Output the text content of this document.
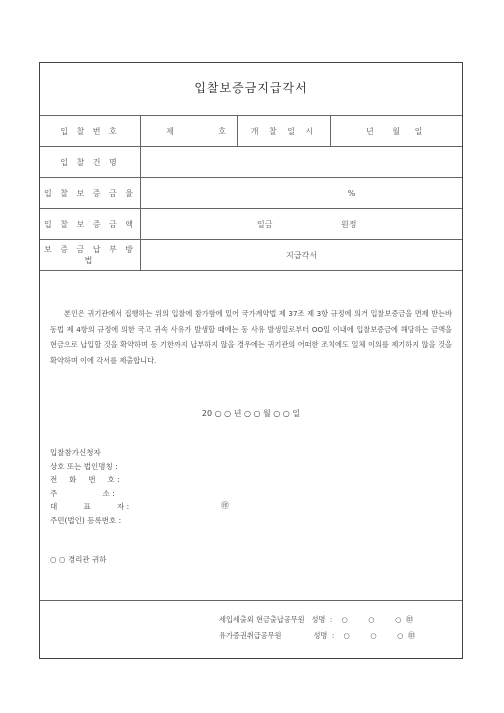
입찰보증금지급각서
입 찰 번 호	제 호	개 찰 일 시	년 월 일
입 찰 건 명			
입 찰 보 증 금 율	%		
입 찰 보 증 금 액	일금 원정		
보 증 금 납 부 방 법	지급각서		
본인은 귀기관에서 집행하는 위의 입찰에 참가함에 있어 국가계약법 제 37조 제 3항 규정에 의거 입찰보증금을 면제 받는바 동법 제 4항의 규정에 의한 국고 귀속 사유가 발생할 때에는 동 사유 발생일로부터 OO일 이내에 입찰보증금에 해당하는 금액을 현금으로 납입할 것을 확약하며 동 기한까지 납부하지 않을 경우에는 귀기관의 어떠한 조치에도 일체 이의를 제기하지 않을 것을 확약하며 이에 각서를 제출합니다.
20 ○ ○ 년 ○ ○ 월 ○ ○ 일
입찰참가신청자
상호 또는 법인명칭 :
전     화     번     호 :
주                   소 :
대           표           자 :
주민(법인) 등록번호 :
㊞
○ ○ 경리관 귀하
세입세출외 현금출납공무원   성명  :    ○         ○         ○  ㊞
유가증권취급공무원              성명  :    ○         ○         ○  ㊞
